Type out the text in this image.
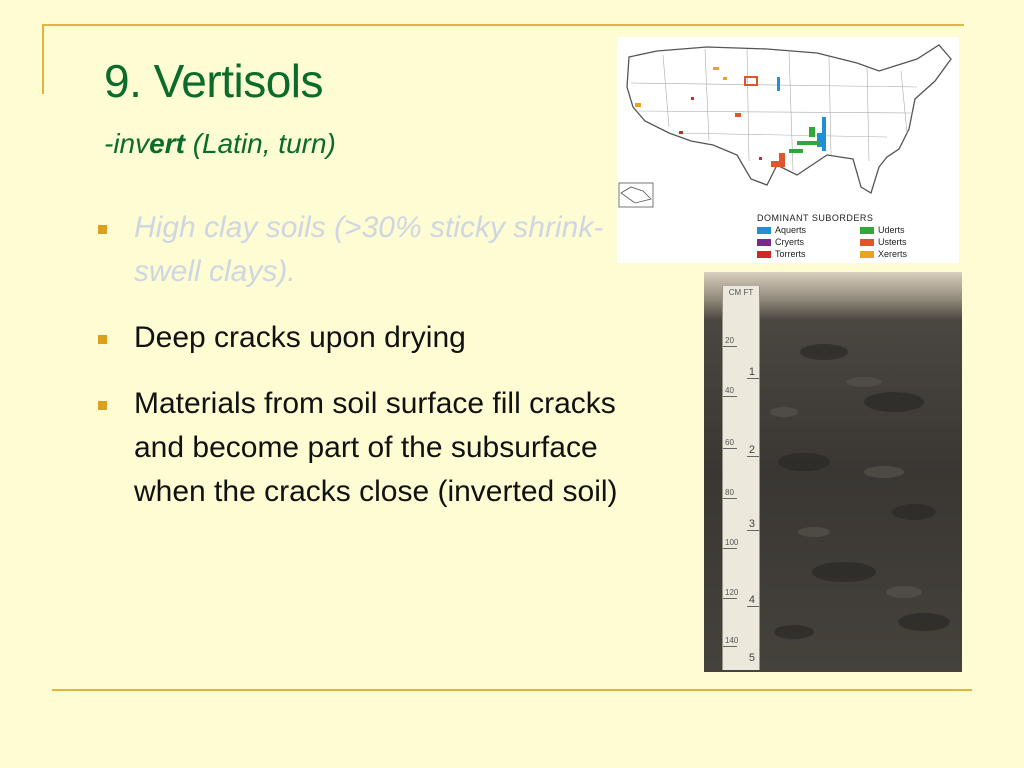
9. Vertisols
-invert (Latin, turn)
High clay soils (>30% sticky shrink-swell clays).
Deep cracks upon drying
Materials from soil surface fill cracks and become part of the subsurface when the cracks close (inverted soil)
DOMINANT SUBORDERS
Aquerts	Uderts
Cryerts	Usterts
Torrerts	Xererts
CM FT
20
40
60
80
100
120
140
1
2
3
4
5
